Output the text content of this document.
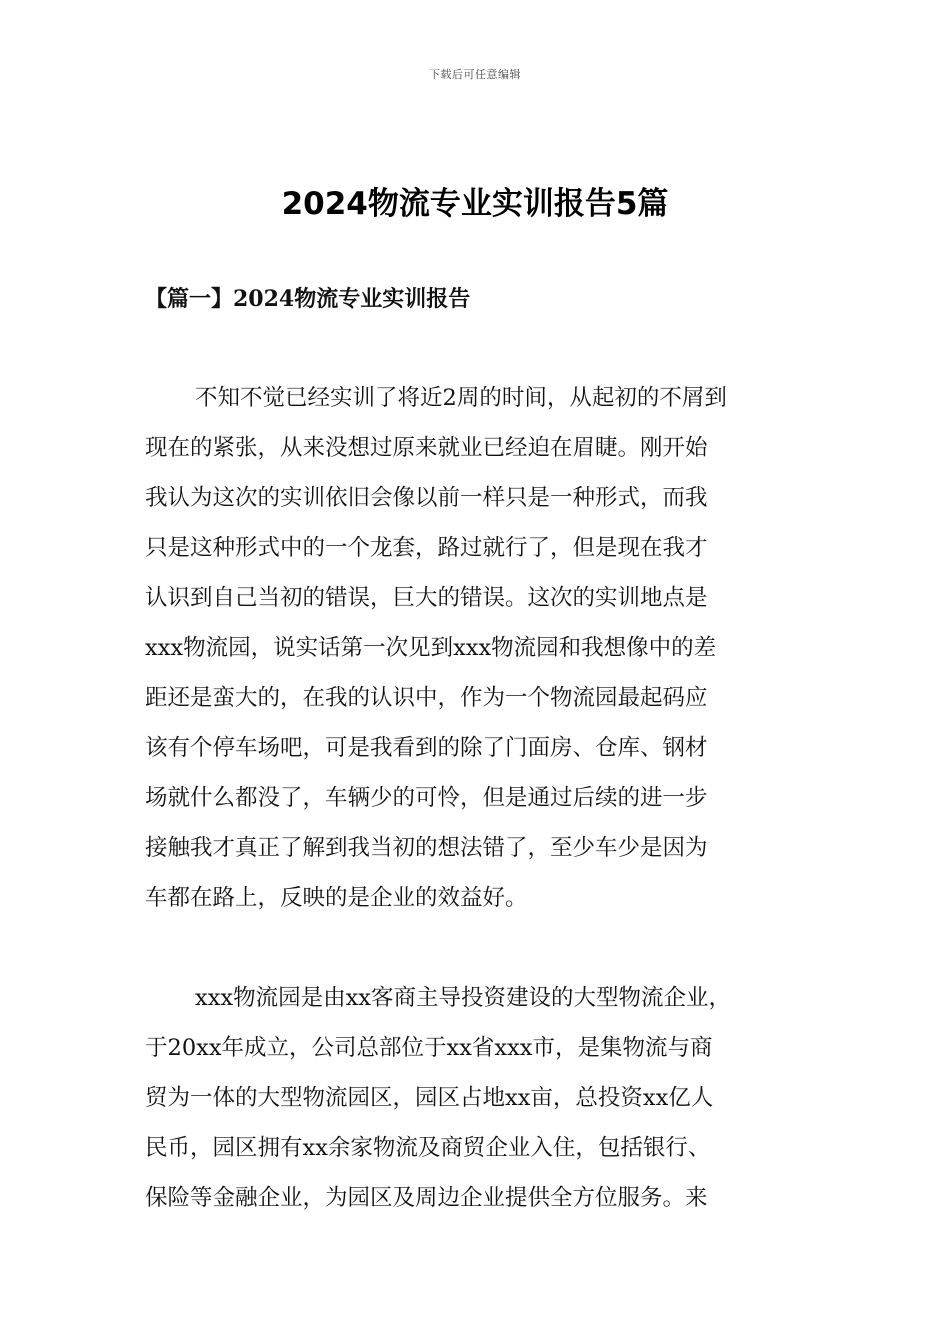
下载后可任意编辑
2024物流专业实训报告5篇
【篇一】2024物流专业实训报告
不知不觉已经实训了将近2周的时间，从起初的不屑到
现在的紧张，从来没想过原来就业已经迫在眉睫。刚开始
我认为这次的实训依旧会像以前一样只是一种形式，而我
只是这种形式中的一个龙套，路过就行了，但是现在我才
认识到自己当初的错误，巨大的错误。这次的实训地点是
xxx物流园，说实话第一次见到xxx物流园和我想像中的差
距还是蛮大的，在我的认识中，作为一个物流园最起码应
该有个停车场吧，可是我看到的除了门面房、仓库、钢材
场就什么都没了，车辆少的可怜，但是通过后续的进一步
接触我才真正了解到我当初的想法错了，至少车少是因为
车都在路上，反映的是企业的效益好。
xxx物流园是由xx客商主导投资建设的大型物流企业，
于20xx年成立，公司总部位于xx省xxx市，是集物流与商
贸为一体的大型物流园区，园区占地xx亩，总投资xx亿人
民币，园区拥有xx余家物流及商贸企业入住，包括银行、
保险等金融企业，为园区及周边企业提供全方位服务。来
